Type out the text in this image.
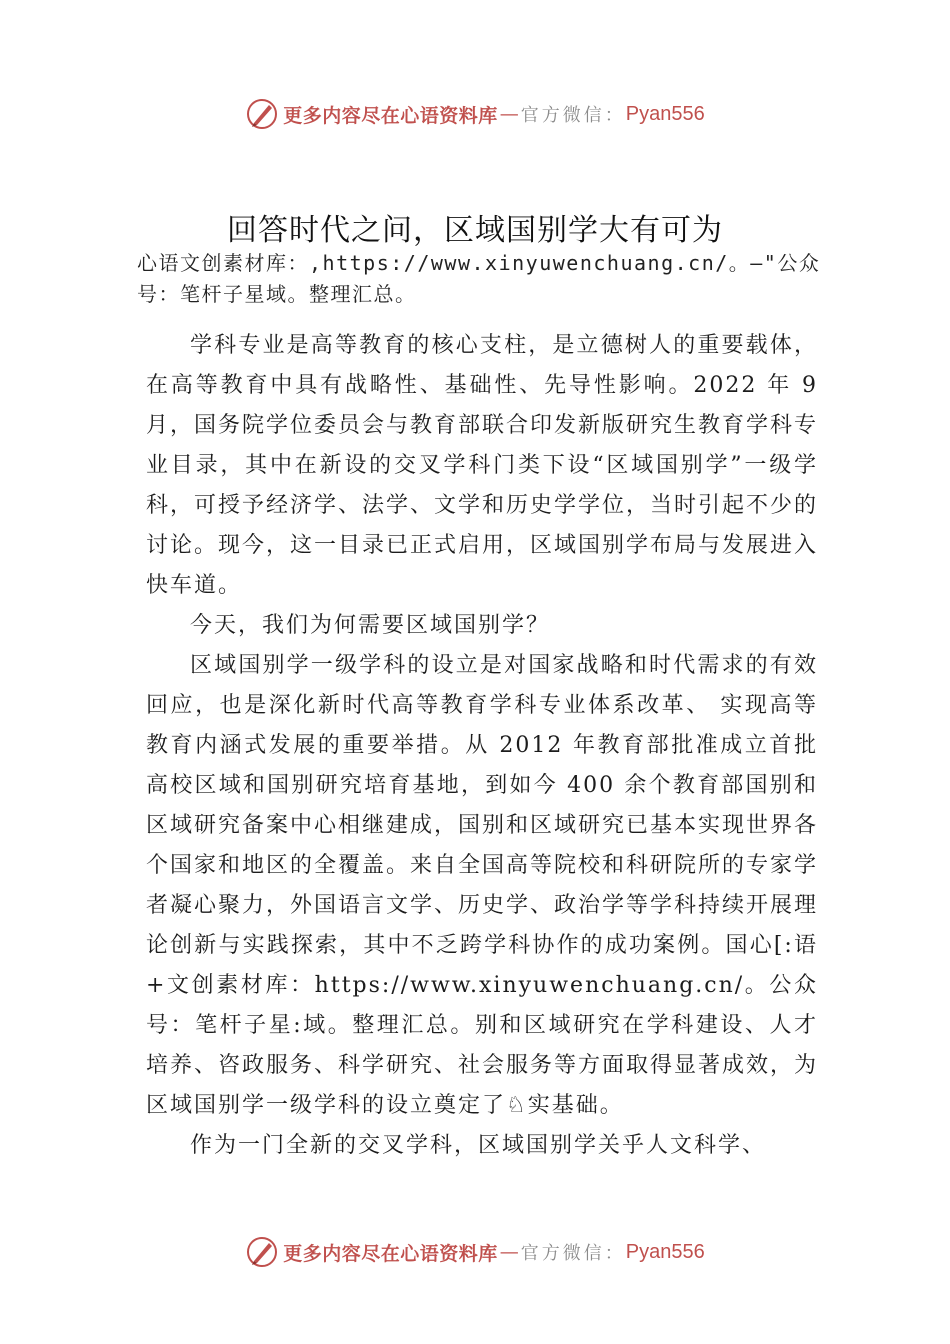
更多内容尽在心语资料库 — 官方微信： Pyan556
回答时代之问，区域国别学大有可为
心语文创素材库：,https://www.xinyuwenchuang.cn/。—"公众号：笔杆子星域。整理汇总。

学科专业是高等教育的核心支柱，是立德树人的重要载体，在高等教育中具有战略性、基础性、先导性影响。2022 年 9 月，国务院学位委员会与教育部联合印发新版研究生教育学科专业目录，其中在新设的交叉学科门类下设“区域国别学”一级学科，可授予经济学、法学、文学和历史学学位，当时引起不少的讨论。现今，这一目录已正式启用，区域国别学布局与发展进入快车道。

今天，我们为何需要区域国别学？

区域国别学一级学科的设立是对国家战略和时代需求的有效回应，也是深化新时代高等教育学科专业体系改革、 实现高等教育内涵式发展的重要举措。从 2012 年教育部批准成立首批高校区域和国别研究培育基地，到如今 400 余个教育部国别和区域研究备案中心相继建成，国别和区域研究已基本实现世界各个国家和地区的全覆盖。来自全国高等院校和科研院所的专家学者凝心聚力，外国语言文学、历史学、政治学等学科持续开展理论创新与实践探索，其中不乏跨学科协作的成功案例。国心[:语+文创素材库：https://www.xinyuwenchuang.cn/。公众号：笔杆子星:域。整理汇总。别和区域研究在学科建设、人才培养、咨政服务、科学研究、社会服务等方面取得显著成效，为区域国别学一级学科的设立奠定了♘实基础。

作为一门全新的交叉学科，区域国别学关乎人文科学、

更多内容尽在心语资料库 — 官方微信： Pyan556
